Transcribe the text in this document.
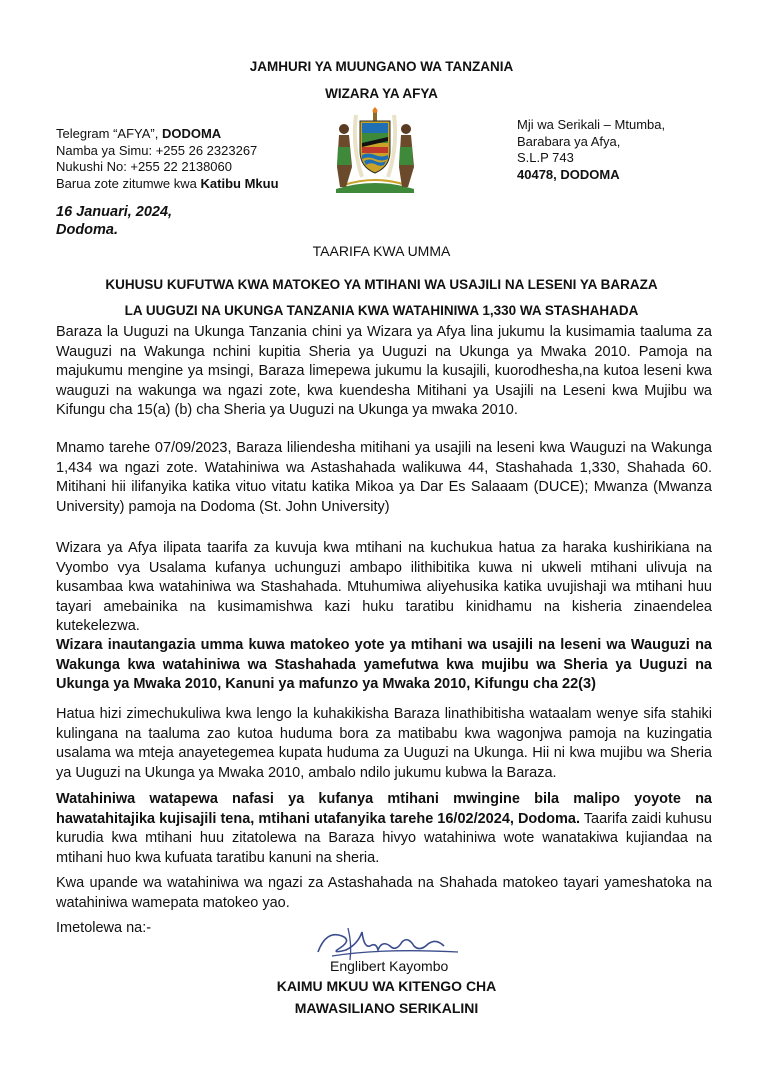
JAMHURI YA MUUNGANO WA TANZANIA
WIZARA YA AFYA
Telegram “AFYA”, DODOMA
Namba ya Simu: +255 26 2323267
Nukushi No: +255 22 2138060
Barua zote zitumwe kwa Katibu Mkuu
Mji wa Serikali – Mtumba,
Barabara ya Afya,
S.L.P 743
40478, DODOMA
16 Januari, 2024,
Dodoma.
TAARIFA KWA UMMA
KUHUSU KUFUTWA KWA MATOKEO YA MTIHANI WA USAJILI NA LESENI YA BARAZA
LA UUGUZI NA UKUNGA TANZANIA KWA WATAHINIWA 1,330 WA STASHAHADA

Baraza la Uuguzi na Ukunga Tanzania chini ya Wizara ya Afya lina jukumu la kusimamia taaluma za Wauguzi na Wakunga nchini kupitia Sheria ya Uuguzi na Ukunga ya Mwaka 2010. Pamoja na majukumu mengine ya msingi, Baraza limepewa jukumu la kusajili, kuorodhesha,na kutoa leseni kwa wauguzi na wakunga wa ngazi zote, kwa kuendesha Mitihani ya Usajili na Leseni kwa Mujibu wa Kifungu cha 15(a) (b) cha Sheria ya Uuguzi na Ukunga ya mwaka 2010.

Mnamo tarehe 07/09/2023, Baraza liliendesha mitihani ya usajili na leseni kwa Wauguzi na Wakunga 1,434 wa ngazi zote. Watahiniwa wa Astashahada walikuwa 44, Stashahada 1,330, Shahada 60. Mitihani hii ilifanyika katika vituo vitatu katika Mikoa ya Dar Es Salaaam (DUCE); Mwanza (Mwanza University) pamoja na Dodoma (St. John University)

Wizara ya Afya ilipata taarifa za kuvuja kwa mtihani na kuchukua hatua za haraka kushirikiana na Vyombo vya Usalama kufanya uchunguzi ambapo ilithibitika kuwa ni ukweli mtihani ulivuja na kusambaa kwa watahiniwa wa Stashahada. Mtuhumiwa aliyehusika katika uvujishaji wa mtihani huu tayari amebainika na kusimamishwa kazi huku taratibu kinidhamu na kisheria zinaendelea kutekelezwa.

Wizara inautangazia umma kuwa matokeo yote ya mtihani wa usajili na leseni wa Wauguzi na Wakunga kwa watahiniwa wa Stashahada yamefutwa kwa mujibu wa Sheria ya Uuguzi na Ukunga ya Mwaka 2010, Kanuni ya mafunzo ya Mwaka 2010, Kifungu cha 22(3)

Hatua hizi zimechukuliwa kwa lengo la kuhakikisha Baraza linathibitisha wataalam wenye sifa stahiki kulingana na taaluma zao kutoa huduma bora za matibabu kwa wagonjwa pamoja na kuzingatia usalama wa mteja anayetegemea kupata huduma za Uuguzi na Ukunga. Hii ni kwa mujibu wa Sheria ya Uuguzi na Ukunga ya Mwaka 2010, ambalo ndilo jukumu kubwa la Baraza.

Watahiniwa watapewa nafasi ya kufanya mtihani mwingine bila malipo yoyote na hawatahitajika kujisajili tena, mtihani utafanyika tarehe 16/02/2024, Dodoma. Taarifa zaidi kuhusu kurudia kwa mtihani huu zitatolewa na Baraza hivyo watahiniwa wote wanatakiwa kujiandaa na mtihani huo kwa kufuata taratibu kanuni na sheria.

Kwa upande wa watahiniwa wa ngazi za Astashahada na Shahada matokeo tayari yameshatoka na watahiniwa wamepata matokeo yao.

Imetolewa na:-
Englibert Kayombo
KAIMU MKUU WA KITENGO CHA
MAWASILIANO SERIKALINI
